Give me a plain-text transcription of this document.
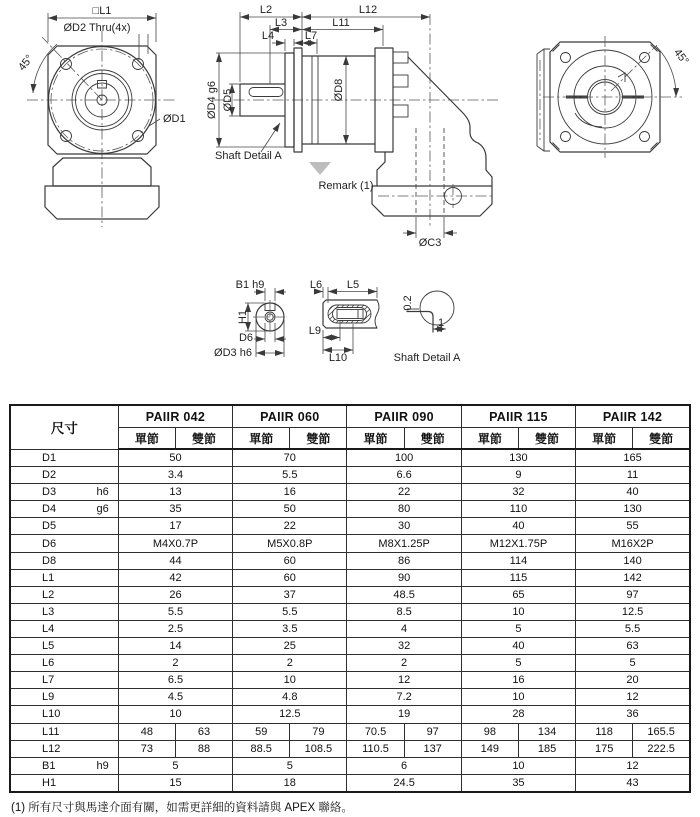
□L1
ØD2 Thru(4x)
45°
ØD1
L2	L12
L3	L11
L4	L7
ØD4 g6 ØD5	ØD8
Shaft Detail A
Remark (1)
ØC3
45°
B1 h9
H1
D6
ØD3 h6
L6 L5
L9
L10
0.2
1
Shaft Detail A
尺寸	PAIIR 042		PAIIR 060		PAIIR 090		PAIIR 115		PAIIR 142	
	單節	雙節	單節	雙節	單節	雙節	單節	雙節	單節	雙節
D1	50		70		100		130		165	
D2	3.4		5.5		6.6		9		11	
D3 h6	13		16		22		32		40	
D4 g6	35		50		80		110		130	
D5	17		22		30		40		55	
D6	M4X0.7P		M5X0.8P		M8X1.25P		M12X1.75P		M16X2P	
D8	44		60		86		114		140	
L1	42		60		90		115		142	
L2	26		37		48.5		65		97	
L3	5.5		5.5		8.5		10		12.5	
L4	2.5		3.5		4		5		5.5	
L5	14		25		32		40		63	
L6	2		2		2		5		5	
L7	6.5		10		12		16		20	
L9	4.5		4.8		7.2		10		12	
L10	10		12.5		19		28		36	
L11	48	63	59	79	70.5	97	98	134	118	165.5
L12	73	88	88.5	108.5	110.5	137	149	185	175	222.5
B1 h9	5		5		6		10		12	
H1	15		18		24.5		35		43	
(1) 所有尺寸與馬達介面有關，如需更詳細的資料請與 APEX 聯絡。
